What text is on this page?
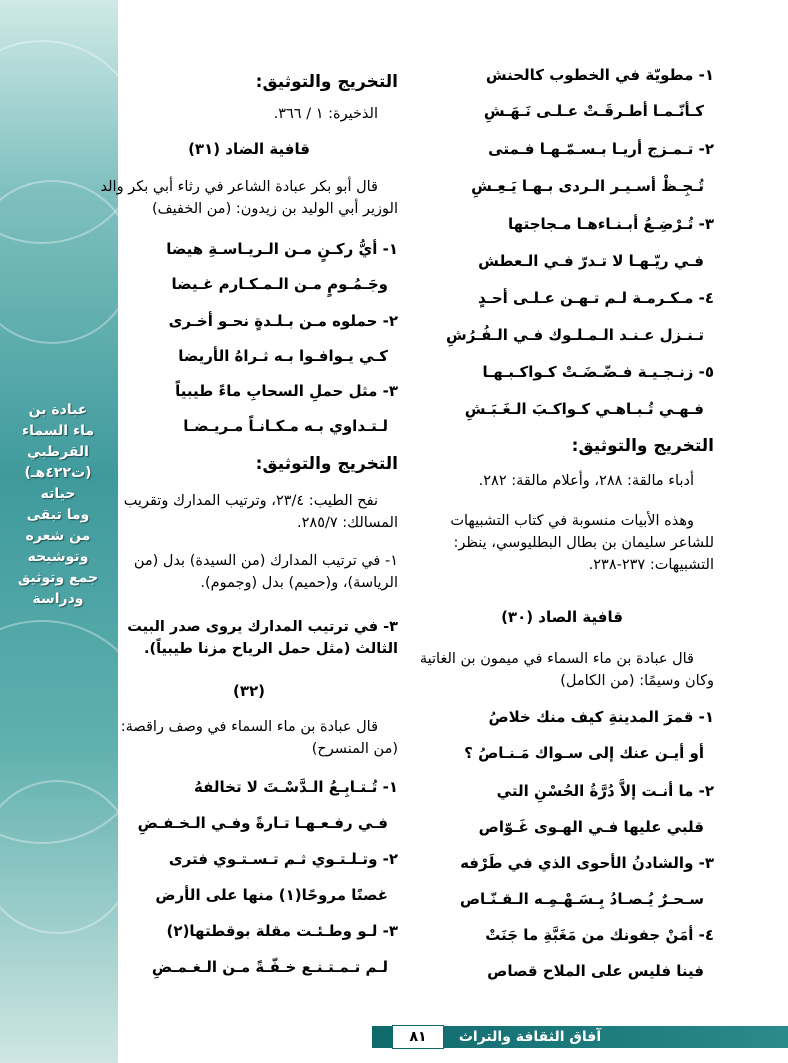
عبادة بن
ماء السماء
القرطبي
(ت٤٢٢هـ)
حياته
وما تبقى
من شعره
وتوشيحه
جمع وتوثيق
ودراسة
١- مطويّة في الخطوب كالحنش
كـأنّـمـا أطـرقَـتْ عـلـى نَـهَـشِ
٢- تـمـزج أريـا بـسـمّـهـا فـمتى
تُـجِـظْ أسـيـر الـردى بـهـا يَـعِـشِ
٣- تُـرْضِـعُ أبـنـاءهـا مـجاجتها
فـي ريّـهـا لا تـدرّ فـي الـعطش
٤- مـكـرمـة لـم تـهـن عـلـى أحـدٍ
تـنـزل عـنـد الـمـلـوك فـي الـفُـرُشِ
٥- زنـجـيـة فـضّـضَـتْ كـواكـبـهـا
فـهـي تُـبـاهـي كـواكـبَ الـغَـبَـشِ
التخريج والتوثيق:
أدباء مالقة: ٢٨٨، وأعلام مالقة: ٢٨٢.
وهذه الأبيات منسوبة في كتاب التشبيهات للشاعر سليمان بن بطال البطليوسي، ينظر: التشبيهات: ٢٣٧-٢٣٨.
قافية الصاد (٣٠)
قال عبادة بن ماء السماء في ميمون بن الغاتية وكان وسيمًا: (من الكامل)
١- قمرَ المدينةِ كيف منك خلاصُ
أو أيـن عنك إلى سـواك مَـنـاصُ ؟
٢- ما أنـت إلاَّ دُرَّةُ الحُسْنِ التي
قلبي عليها فـي الهـوى غَـوّاص
٣- والشادنُ الأحوى الذي في طَرْفه
سـحـرٌ يُـصـادُ بِـسَـهْـمِـه الـقـنّـاص
٤- أمَنْ جفونك من مَغَبَّةِ ما جَنَتْ
فينا فليس على الملاح قصاص
التخريج والتوثيق:
الذخيرة: ١ / ٣٦٦.
قافية الضاد (٣١)
قال أبو بكر عبادة الشاعر في رثاء أبي بكر والد الوزير أبي الوليد بن زيدون: (من الخفيف)
١- أيُّ ركـنٍ مـن الـريـاسـةِ هيضا
وجَـمُـومٍ مـن الـمـكـارم غـيضا
٢- حملوه مـن بـلـدةٍ نحـو أخـرى
كـي يـوافـوا بـه ثـراهُ الأريضا
٣- مثل حملِ السحابِ ماءً طيبياً
لـتـداوي بـه مـكـانـاً مـريـضـا
التخريج والتوثيق:
نفح الطيب: ٢٣/٤، وترتيب المدارك وتقريب المسالك: ٢٨٥/٧.
١- في ترتيب المدارك (من السيدة) بدل (من الرياسة)، و(حميم) بدل (وجموم).
٣- في ترتيب المدارك يروى صدر البيت الثالث (مثل حمل الرياح مزنا طيبياً).
(٣٢)
قال عبادة بن ماء السماء في وصف راقصة: (من المنسرح)
١- تُـتـابِـعُ الـدَّسْـتَ لا تخالفهُ
فـي رفـعـهـا تـارةً وفـي الـخـفـضِ
٢- وتـلـتـوي ثـم تـسـتـوي فترى
غصنًا مروحًا(١) منها على الأرض
٣- لـو وطـئـت مقلة بوقطتها(٢)
لـم تـمـتـنـع خـفّـةً مـن الـغـمـضِ
آفاق الثقافة والتراث
٨١
